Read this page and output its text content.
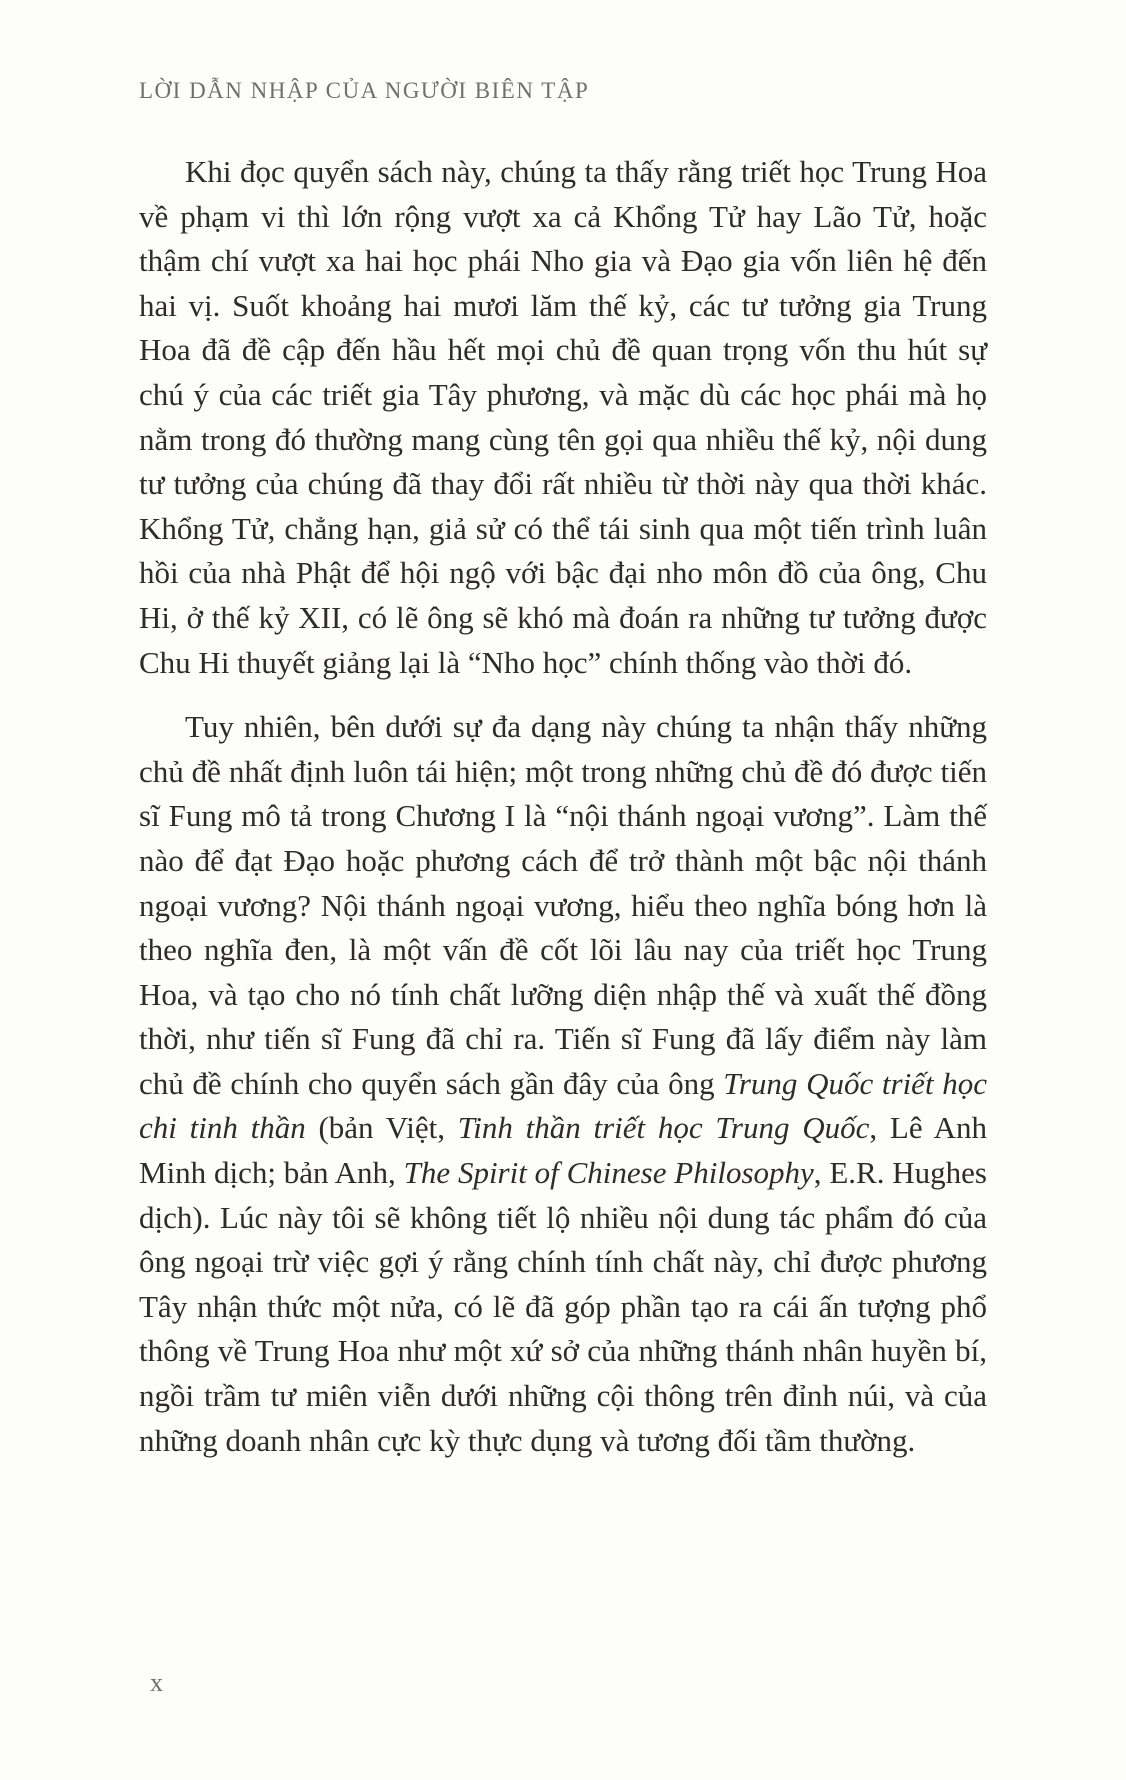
LỜI DẪN NHẬP CỦA NGƯỜI BIÊN TẬP

Khi đọc quyển sách này, chúng ta thấy rằng triết học Trung Hoa về phạm vi thì lớn rộng vượt xa cả Khổng Tử hay Lão Tử, hoặc thậm chí vượt xa hai học phái Nho gia và Đạo gia vốn liên hệ đến hai vị. Suốt khoảng hai mươi lăm thế kỷ, các tư tưởng gia Trung Hoa đã đề cập đến hầu hết mọi chủ đề quan trọng vốn thu hút sự chú ý của các triết gia Tây phương, và mặc dù các học phái mà họ nằm trong đó thường mang cùng tên gọi qua nhiều thế kỷ, nội dung tư tưởng của chúng đã thay đổi rất nhiều từ thời này qua thời khác. Khổng Tử, chẳng hạn, giả sử có thể tái sinh qua một tiến trình luân hồi của nhà Phật để hội ngộ với bậc đại nho môn đồ của ông, Chu Hi, ở thế kỷ XII, có lẽ ông sẽ khó mà đoán ra những tư tưởng được Chu Hi thuyết giảng lại là “Nho học” chính thống vào thời đó.

Tuy nhiên, bên dưới sự đa dạng này chúng ta nhận thấy những chủ đề nhất định luôn tái hiện; một trong những chủ đề đó được tiến sĩ Fung mô tả trong Chương I là “nội thánh ngoại vương”. Làm thế nào để đạt Đạo hoặc phương cách để trở thành một bậc nội thánh ngoại vương? Nội thánh ngoại vương, hiểu theo nghĩa bóng hơn là theo nghĩa đen, là một vấn đề cốt lõi lâu nay của triết học Trung Hoa, và tạo cho nó tính chất lưỡng diện nhập thế và xuất thế đồng thời, như tiến sĩ Fung đã chỉ ra. Tiến sĩ Fung đã lấy điểm này làm chủ đề chính cho quyển sách gần đây của ông Trung Quốc triết học chi tinh thần (bản Việt, Tinh thần triết học Trung Quốc, Lê Anh Minh dịch; bản Anh, The Spirit of Chinese Philosophy, E.R. Hughes dịch). Lúc này tôi sẽ không tiết lộ nhiều nội dung tác phẩm đó của ông ngoại trừ việc gợi ý rằng chính tính chất này, chỉ được phương Tây nhận thức một nửa, có lẽ đã góp phần tạo ra cái ấn tượng phổ thông về Trung Hoa như một xứ sở của những thánh nhân huyền bí, ngồi trầm tư miên viễn dưới những cội thông trên đỉnh núi, và của những doanh nhân cực kỳ thực dụng và tương đối tầm thường.

x
